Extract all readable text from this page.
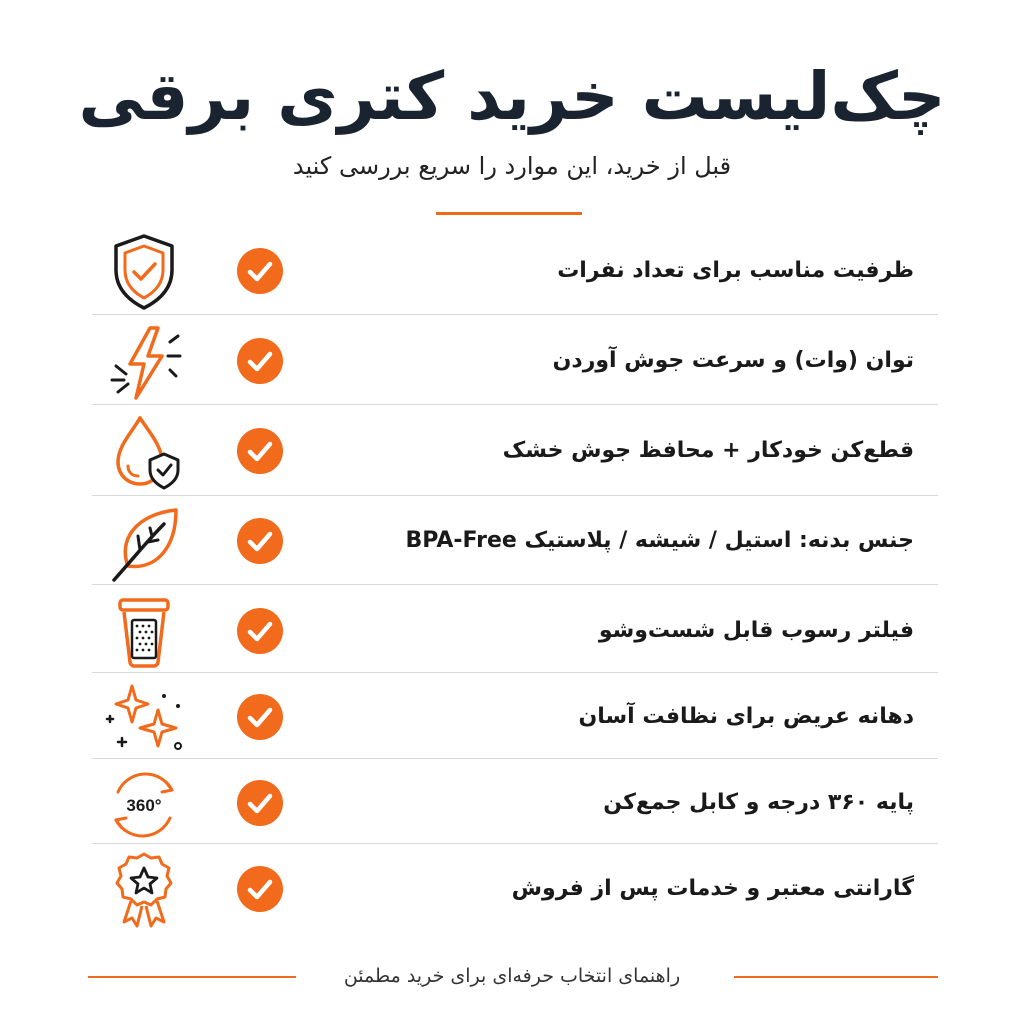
چک‌لیست خرید کتری برقی
قبل از خرید، این موارد را سریع بررسی کنید
ظرفیت مناسب برای تعداد نفرات
توان (وات) و سرعت جوش آوردن
قطع‌کن خودکار + محافظ جوش خشک
جنس بدنه: استیل / شیشه / پلاستیک BPA-Free
فیلتر رسوب قابل شست‌وشو
دهانه عریض برای نظافت آسان
360°	پایه ۳۶۰ درجه و کابل جمع‌کن
گارانتی معتبر و خدمات پس از فروش
راهنمای انتخاب حرفه‌ای برای خرید مطمئن
